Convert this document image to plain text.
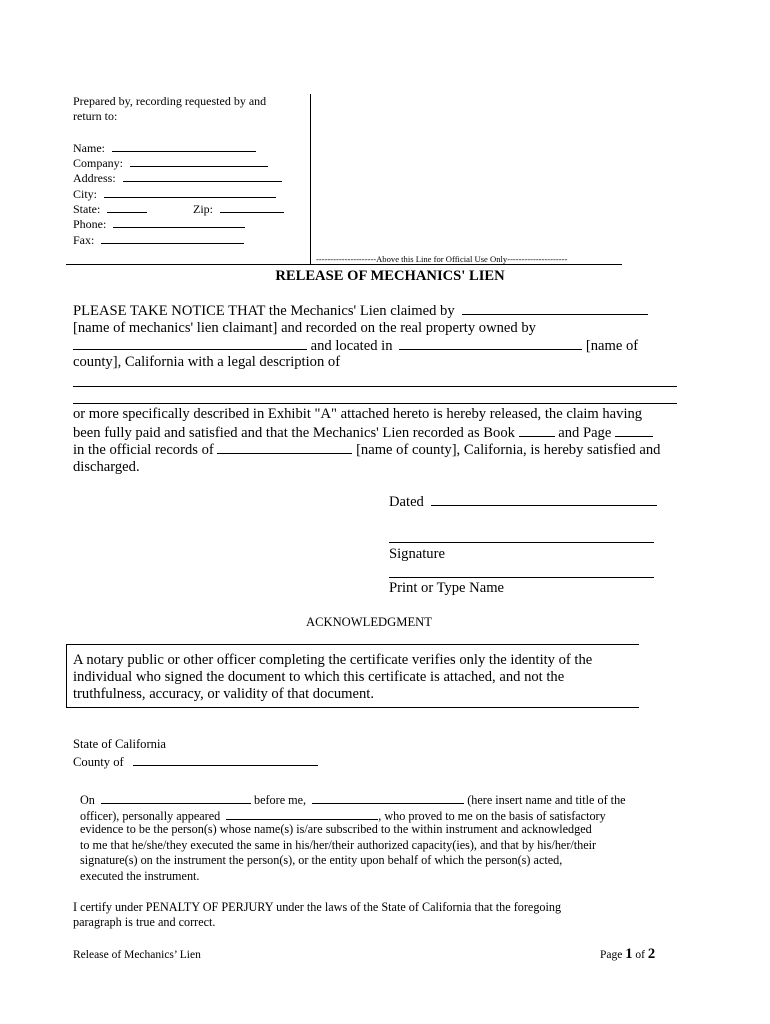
Prepared by, recording requested by and
return to:
Name:
Company:
Address:
City:
State:	Zip:
Phone:
Fax:
---------------------Above this Line for Official Use Only---------------------
RELEASE OF MECHANICS' LIEN
PLEASE TAKE NOTICE THAT the Mechanics' Lien claimed by
[name of mechanics' lien claimant] and recorded on the real property owned by
and located in	[name of
county], California with a legal description of
or more specifically described in Exhibit "A" attached hereto is hereby released, the claim having
been fully paid and satisfied and that the Mechanics' Lien recorded as Book	and Page
in the official records of	[name of county], California, is hereby satisfied and
discharged.
Dated
Signature
Print or Type Name
ACKNOWLEDGMENT
A notary public or other officer completing the certificate verifies only the identity of the
individual who signed the document to which this certificate is attached, and not the
truthfulness, accuracy, or validity of that document.
State of California
County of
On	before me,	(here insert name and title of the
officer), personally appeared	, who proved to me on the basis of satisfactory
evidence to be the person(s) whose name(s) is/are subscribed to the within instrument and acknowledged
to me that he/she/they executed the same in his/her/their authorized capacity(ies), and that by his/her/their
signature(s) on the instrument the person(s), or the entity upon behalf of which the person(s) acted,
executed the instrument.
I certify under PENALTY OF PERJURY under the laws of the State of California that the foregoing
paragraph is true and correct.
Release of Mechanics’ Lien	Page 1 of 2
